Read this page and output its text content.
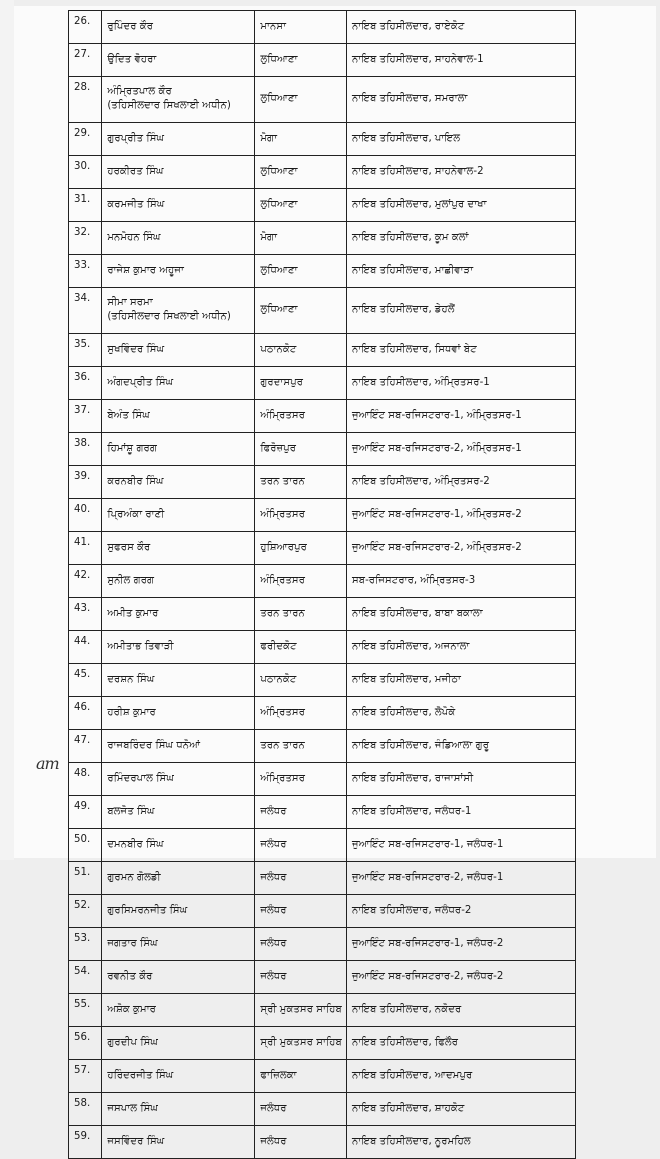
am
26.	ਰੁਪਿੰਦਰ ਕੌਰ	ਮਾਨਸਾ	ਨਾਇਬ ਤਹਿਸੀਲਦਾਰ, ਰਾਏਕੋਟ
27.	ਉਦਿਤ ਵੋਹਰਾ	ਲੁਧਿਆਣਾ	ਨਾਇਬ ਤਹਿਸੀਲਦਾਰ, ਸਾਹਨੇਵਾਲ-1
28.	ਅੰਮ੍ਰਿਤਪਾਲ ਕੌਰ
(ਤਹਿਸੀਲਦਾਰ ਸਿਖਲਾਈ ਅਧੀਨ)	ਲੁਧਿਆਣਾ	ਨਾਇਬ ਤਹਿਸੀਲਦਾਰ, ਸਮਰਾਲਾ
29.	ਗੁਰਪ੍ਰੀਤ ਸਿੰਘ	ਮੋਗਾ	ਨਾਇਬ ਤਹਿਸੀਲਦਾਰ, ਪਾਇਲ
30.	ਹਰਕੀਰਤ ਸਿੰਘ	ਲੁਧਿਆਣਾ	ਨਾਇਬ ਤਹਿਸੀਲਦਾਰ, ਸਾਹਨੇਵਾਲ-2
31.	ਕਰਮਜੀਤ ਸਿੰਘ	ਲੁਧਿਆਣਾ	ਨਾਇਬ ਤਹਿਸੀਲਦਾਰ, ਮੁਲਾਂਪੁਰ ਦਾਖਾ
32.	ਮਨਮੋਹਨ ਸਿੰਘ	ਮੋਗਾ	ਨਾਇਬ ਤਹਿਸੀਲਦਾਰ, ਕੂਮ ਕਲਾਂ
33.	ਰਾਜੇਸ਼ ਕੁਮਾਰ ਅਹੂਜਾ	ਲੁਧਿਆਣਾ	ਨਾਇਬ ਤਹਿਸੀਲਦਾਰ, ਮਾਛੀਵਾੜਾ
34.	ਸੀਮਾ ਸਰਮਾ
(ਤਹਿਸੀਲਦਾਰ ਸਿਖਲਾਈ ਅਧੀਨ)	ਲੁਧਿਆਣਾ	ਨਾਇਬ ਤਹਿਸੀਲਦਾਰ, ਡੇਹਲੋਂ
35.	ਸੁਖਵਿੰਦਰ ਸਿੰਘ	ਪਠਾਨਕੋਟ	ਨਾਇਬ ਤਹਿਸੀਲਦਾਰ, ਸਿਧਵਾਂ ਬੇਟ
36.	ਅੰਗਦਪ੍ਰੀਤ ਸਿੰਘ	ਗੁਰਦਾਸਪੁਰ	ਨਾਇਬ ਤਹਿਸੀਲਦਾਰ, ਅੰਮ੍ਰਿਤਸਰ-1
37.	ਬੇਅੰਤ ਸਿੰਘ	ਅੰਮ੍ਰਿਤਸਰ	ਜੁਆਇੰਟ ਸਬ-ਰਜਿਸਟਰਾਰ-1, ਅੰਮ੍ਰਿਤਸਰ-1
38.	ਹਿਮਾਂਸ਼ੂ ਗਰਗ	ਫਿਰੋਜ਼ਪੁਰ	ਜੁਆਇੰਟ ਸਬ-ਰਜਿਸਟਰਾਰ-2, ਅੰਮ੍ਰਿਤਸਰ-1
39.	ਕਰਨਬੀਰ ਸਿੰਘ	ਤਰਨ ਤਾਰਨ	ਨਾਇਬ ਤਹਿਸੀਲਦਾਰ, ਅੰਮ੍ਰਿਤਸਰ-2
40.	ਪ੍ਰਿਅੰਕਾ ਰਾਣੀ	ਅੰਮ੍ਰਿਤਸਰ	ਜੁਆਇੰਟ ਸਬ-ਰਜਿਸਟਰਾਰ-1, ਅੰਮ੍ਰਿਤਸਰ-2
41.	ਸੁਫਰਸ ਕੌਰ	ਹੁਸ਼ਿਆਰਪੁਰ	ਜੁਆਇੰਟ ਸਬ-ਰਜਿਸਟਰਾਰ-2, ਅੰਮ੍ਰਿਤਸਰ-2
42.	ਸੁਨੀਲ ਗਰਗ	ਅੰਮ੍ਰਿਤਸਰ	ਸਬ-ਰਜਿਸਟਰਾਰ, ਅੰਮ੍ਰਿਤਸਰ-3
43.	ਅਮੀਤ ਕੁਮਾਰ	ਤਰਨ ਤਾਰਨ	ਨਾਇਬ ਤਹਿਸੀਲਦਾਰ, ਬਾਬਾ ਬਕਾਲਾ
44.	ਅਮੀਤਾਭ ਤਿਵਾੜੀ	ਫਰੀਦਕੋਟ	ਨਾਇਬ ਤਹਿਸੀਲਦਾਰ, ਅਜਨਾਲਾ
45.	ਦਰਸ਼ਨ ਸਿੰਘ	ਪਠਾਨਕੋਟ	ਨਾਇਬ ਤਹਿਸੀਲਦਾਰ, ਮਜੀਠਾ
46.	ਹਰੀਸ਼ ਕੁਮਾਰ	ਅੰਮ੍ਰਿਤਸਰ	ਨਾਇਬ ਤਹਿਸੀਲਦਾਰ, ਲੋਪੋਕੇ
47.	ਰਾਜਬਰਿੰਦਰ ਸਿੰਘ ਧਨੋਆਂ	ਤਰਨ ਤਾਰਨ	ਨਾਇਬ ਤਹਿਸੀਲਦਾਰ, ਜੰਡਿਆਲਾ ਗੁਰੂ
48.	ਰਮਿੰਦਰਪਾਲ ਸਿੰਘ	ਅੰਮ੍ਰਿਤਸਰ	ਨਾਇਬ ਤਹਿਸੀਲਦਾਰ, ਰਾਜਾਸਾਂਸੀ
49.	ਬਲਜੋਤ ਸਿੰਘ	ਜਲੰਧਰ	ਨਾਇਬ ਤਹਿਸੀਲਦਾਰ, ਜਲੰਧਰ-1
50.	ਦਮਨਬੀਰ ਸਿੰਘ	ਜਲੰਧਰ	ਜੁਆਇੰਟ ਸਬ-ਰਜਿਸਟਰਾਰ-1, ਜਲੰਧਰ-1
51.	ਗੁਰਮਨ ਗੋਲਡੀ	ਜਲੰਧਰ	ਜੁਆਇੰਟ ਸਬ-ਰਜਿਸਟਰਾਰ-2, ਜਲੰਧਰ-1
52.	ਗੁਰਸਿਮਰਨਜੀਤ ਸਿੰਘ	ਜਲੰਧਰ	ਨਾਇਬ ਤਹਿਸੀਲਦਾਰ, ਜਲੰਧਰ-2
53.	ਜਗਤਾਰ ਸਿੰਘ	ਜਲੰਧਰ	ਜੁਆਇੰਟ ਸਬ-ਰਜਿਸਟਰਾਰ-1, ਜਲੰਧਰ-2
54.	ਰਵਨੀਤ ਕੌਰ	ਜਲੰਧਰ	ਜੁਆਇੰਟ ਸਬ-ਰਜਿਸਟਰਾਰ-2, ਜਲੰਧਰ-2
55.	ਅਸ਼ੋਕ ਕੁਮਾਰ	ਸ੍ਰੀ ਮੁਕਤਸਰ ਸਾਹਿਬ	ਨਾਇਬ ਤਹਿਸੀਲਦਾਰ, ਨਕੋਦਰ
56.	ਗੁਰਦੀਪ ਸਿੰਘ	ਸ੍ਰੀ ਮੁਕਤਸਰ ਸਾਹਿਬ	ਨਾਇਬ ਤਹਿਸੀਲਦਾਰ, ਫਿਲੌਰ
57.	ਹਰਿੰਦਰਜੀਤ ਸਿੰਘ	ਫਾਜ਼ਿਲਕਾ	ਨਾਇਬ ਤਹਿਸੀਲਦਾਰ, ਆਦਮਪੁਰ
58.	ਜਸਪਾਲ ਸਿੰਘ	ਜਲੰਧਰ	ਨਾਇਬ ਤਹਿਸੀਲਦਾਰ, ਸ਼ਾਹਕੋਟ
59.	ਜਸਵਿੰਦਰ ਸਿੰਘ	ਜਲੰਧਰ	ਨਾਇਬ ਤਹਿਸੀਲਦਾਰ, ਨੂਰਮਹਿਲ
